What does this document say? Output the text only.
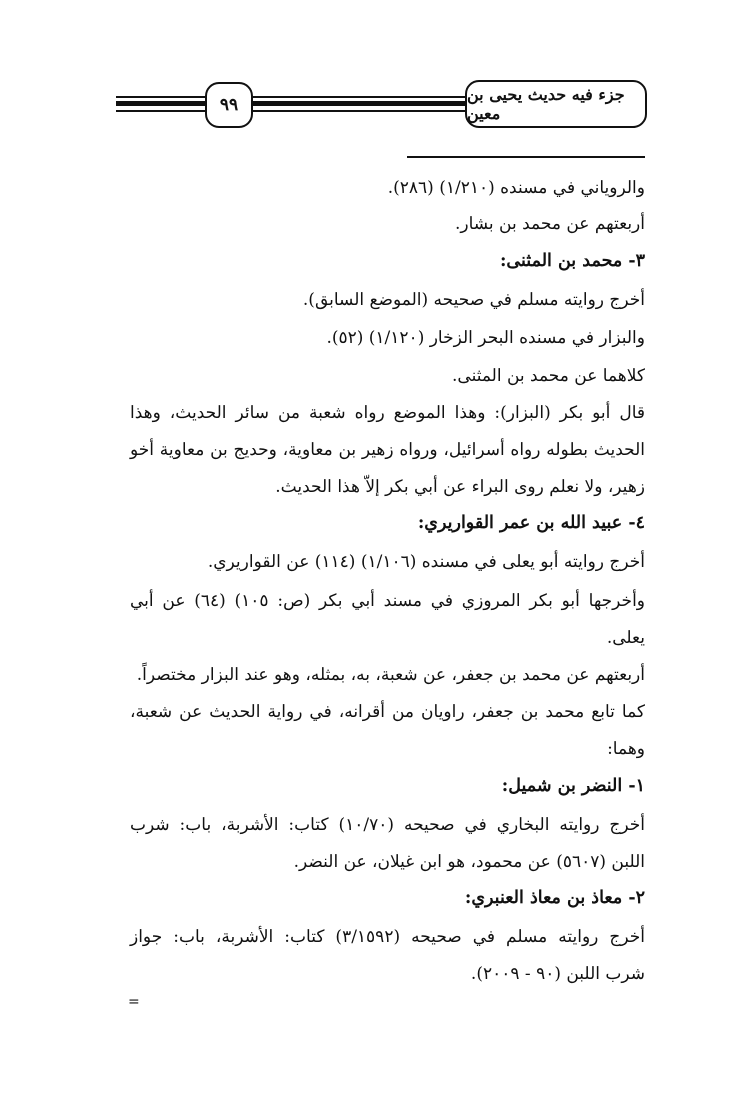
٩٩
جزء فيه حديث يحيى بن معين
والروياني في مسنده (١/٢١٠) (٢٨٦).
أربعتهم عن محمد بن بشار.
٣- محمد بن المثنى:
أخرج روايته مسلم في صحيحه (الموضع السابق).
والبزار في مسنده البحر الزخار (١/١٢٠) (٥٢).
كلاهما عن محمد بن المثنى.
قال أبو بكر (البزار): وهذا الموضع رواه شعبة من سائر الحديث، وهذا
الحديث بطوله رواه أسرائيل، ورواه زهير بن معاوية، وحديج بن معاوية أخو
زهير، ولا نعلم روى البراء عن أبي بكر إلاّ هذا الحديث.
٤- عبيد الله بن عمر القواريري:
أخرج روايته أبو يعلى في مسنده (١/١٠٦) (١١٤) عن القواريري.
وأخرجها أبو بكر المروزي في مسند أبي بكر (ص: ١٠٥) (٦٤) عن أبي
يعلى.
أربعتهم عن محمد بن جعفر، عن شعبة، به، بمثله، وهو عند البزار مختصراً.
كما تابع محمد بن جعفر، راويان من أقرانه، في رواية الحديث عن شعبة،
وهما:
١- النضر بن شميل:
أخرج روايته البخاري في صحيحه (١٠/٧٠) كتاب: الأشربة، باب: شرب
اللبن (٥٦٠٧) عن محمود، هو ابن غيلان، عن النضر.
٢- معاذ بن معاذ العنبري:
أخرج روايته مسلم في صحيحه (٣/١٥٩٢) كتاب: الأشربة، باب: جواز
شرب اللبن (٩٠ - ٢٠٠٩).
=
